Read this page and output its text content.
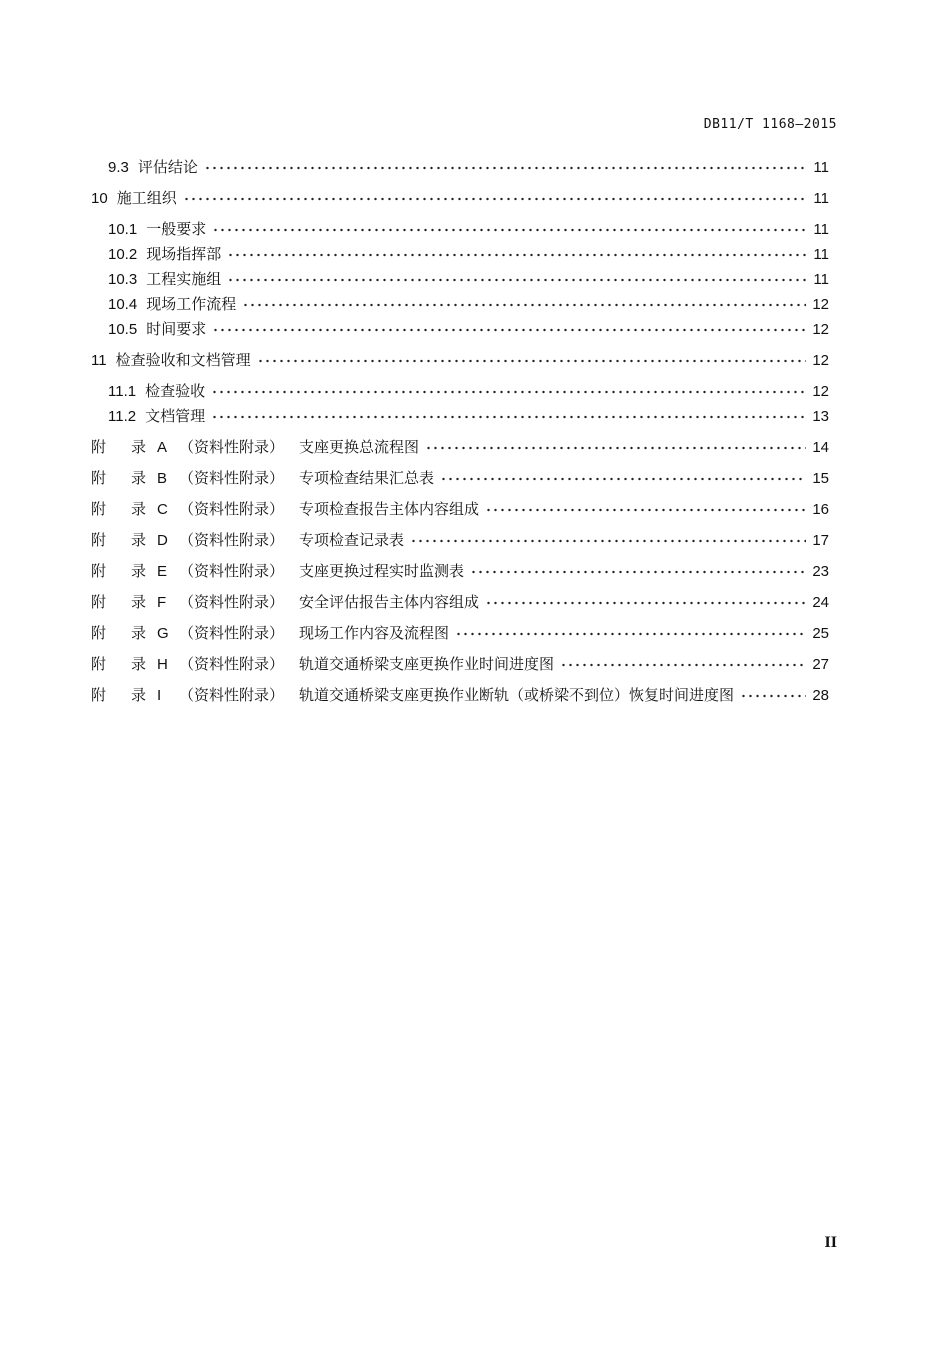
DB11/T 1168—2015
9.3 评估结论	11
10 施工组织	11
10.1 一般要求	11
10.2 现场指挥部	11
10.3 工程实施组	11
10.4 现场工作流程	12
10.5 时间要求	12
11 检查验收和文档管理	12
11.1 检查验收	12
11.2 文档管理	13
附	录 A （资料性附录） 支座更换总流程图	14
附	录 B （资料性附录） 专项检查结果汇总表	15
附	录 C （资料性附录） 专项检查报告主体内容组成	16
附	录 D （资料性附录） 专项检查记录表	17
附	录 E （资料性附录） 支座更换过程实时监测表	23
附	录 F （资料性附录） 安全评估报告主体内容组成	24
附	录 G （资料性附录） 现场工作内容及流程图	25
附	录 H （资料性附录） 轨道交通桥梁支座更换作业时间进度图	27
附	录 I	（资料性附录） 轨道交通桥梁支座更换作业断轨（或桥梁不到位）恢复时间进度图	28
II
